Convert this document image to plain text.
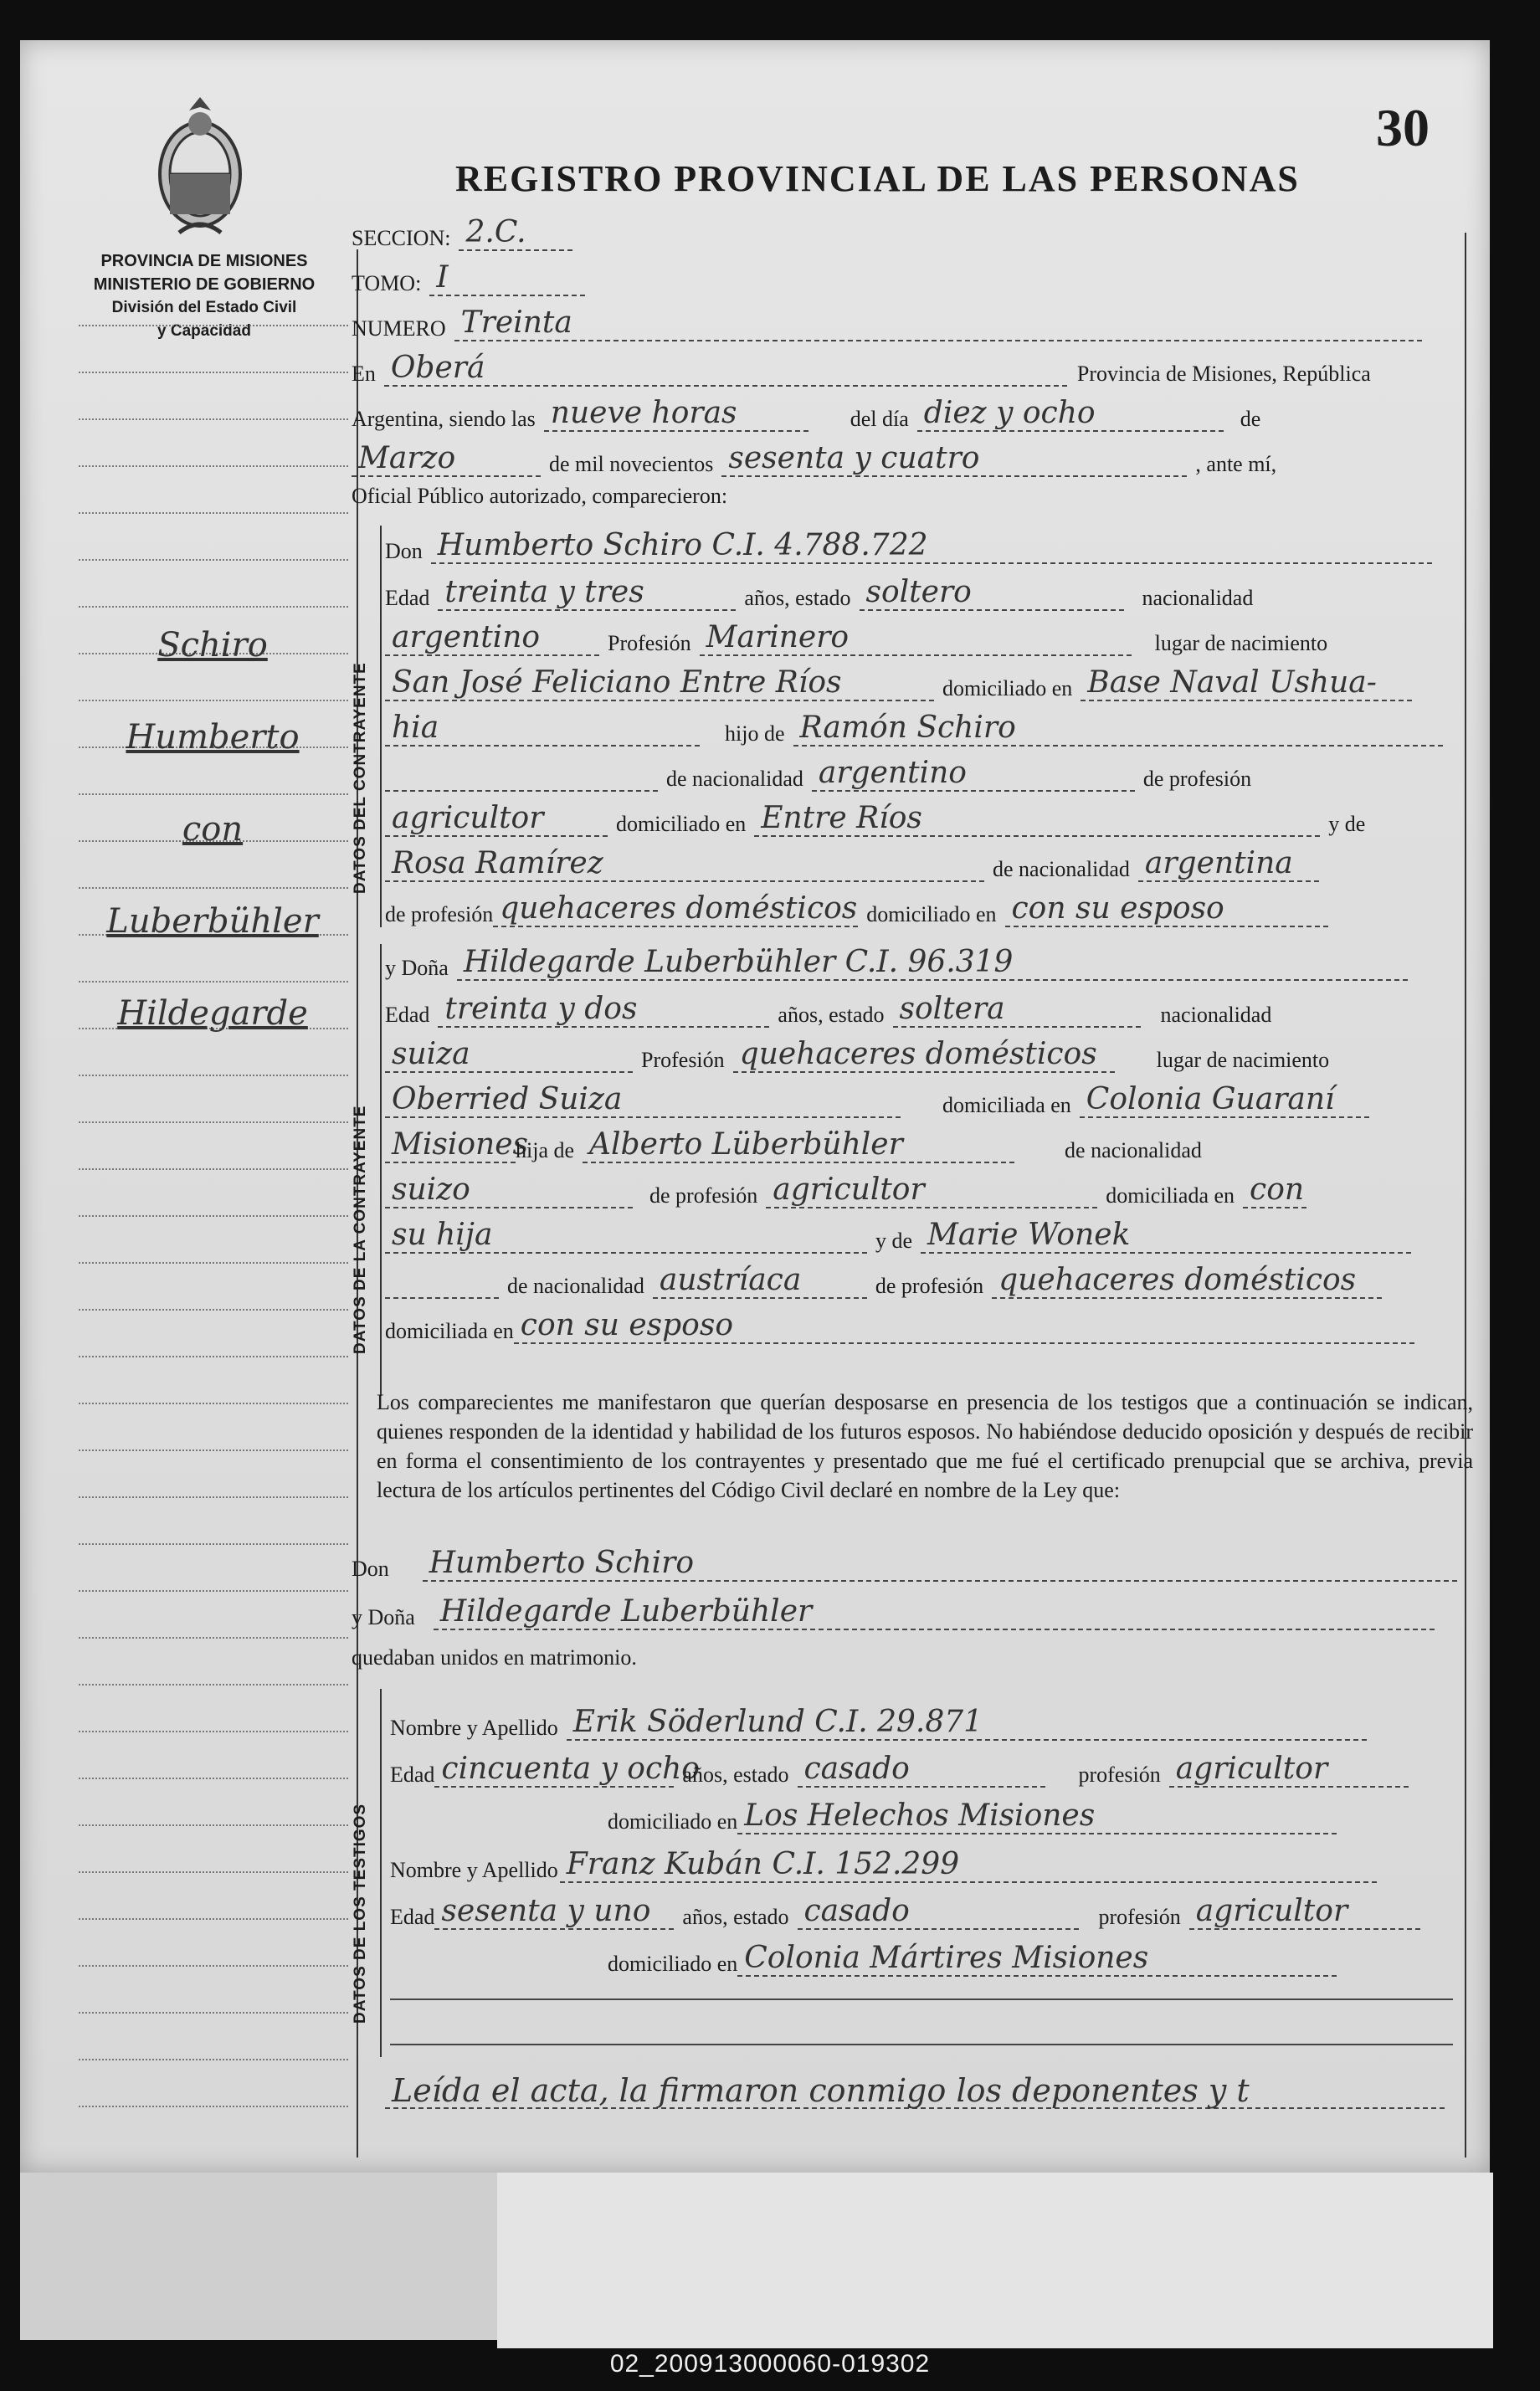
PROVINCIA DE MISIONES
MINISTERIO DE GOBIERNO
División del Estado Civil
y Capacidad
REGISTRO PROVINCIAL DE LAS PERSONAS
30
Schiro
Humberto
con
Luberbühler
Hildegarde
SECCION: 2.C.
TOMO: I
NUMERO Treinta
En Oberá	Provincia de Misiones, República
Argentina, siendo las nueve horas	del día diez y ocho	de
Marzo	de mil novecientos sesenta y cuatro	, ante mí,
Oficial Público autorizado, comparecieron:
DATOS DEL CONTRAYENTE
Don Humberto Schiro C.I. 4.788.722
Edad treinta y tres	años, estado soltero	nacionalidad
argentino	Profesión Marinero	lugar de nacimiento
San José Feliciano Entre Ríos	domiciliado en Base Naval Ushua-
hia	hijo de Ramón Schiro
de nacionalidad argentino	de profesión
agricultor	domiciliado en Entre Ríos	y de
Rosa Ramírez	de nacionalidad argentina
de profesión quehaceres domésticos domiciliado en con su esposo
DATOS DE LA CONTRAYENTE
y Doña Hildegarde Luberbühler C.I. 96.319
Edad treinta y dos	años, estado soltera	nacionalidad
suiza	Profesión quehaceres domésticos	lugar de nacimiento
Oberried Suiza	domiciliada en Colonia Guaraní
Misiones
hija de Alberto Lüberbühler	de nacionalidad
suizo	de profesión agricultor	domiciliada en con
su hija	y de Marie Wonek
de nacionalidad austríaca	de profesión quehaceres domésticos
domiciliada en con su esposo
Los comparecientes me manifestaron que querían desposarse en presencia de los testigos que a continuación se indican, quienes responden de la identidad y habilidad de los futuros esposos. No habiéndose deducido oposición y después de recibir en forma el consentimiento de los contrayentes y presentado que me fué el certificado prenupcial que se archiva, previa lectura de los artículos pertinentes del Código Civil declaré en nombre de la Ley que:
Don Humberto Schiro
y Doña Hildegarde Luberbühler
quedaban unidos en matrimonio.
DATOS DE LOS TESTIGOS
Nombre y Apellido Erik Söderlund C.I. 29.871
Edad cincuenta y ocho
años, estado casado	profesión agricultor
domiciliado en Los Helechos Misiones
Nombre y Apellido Franz Kubán C.I. 152.299
Edad sesenta y uno	años, estado casado	profesión agricultor
domiciliado en Colonia Mártires Misiones
Leída el acta, la firmaron conmigo los deponentes y t
02_200913000060-019302
